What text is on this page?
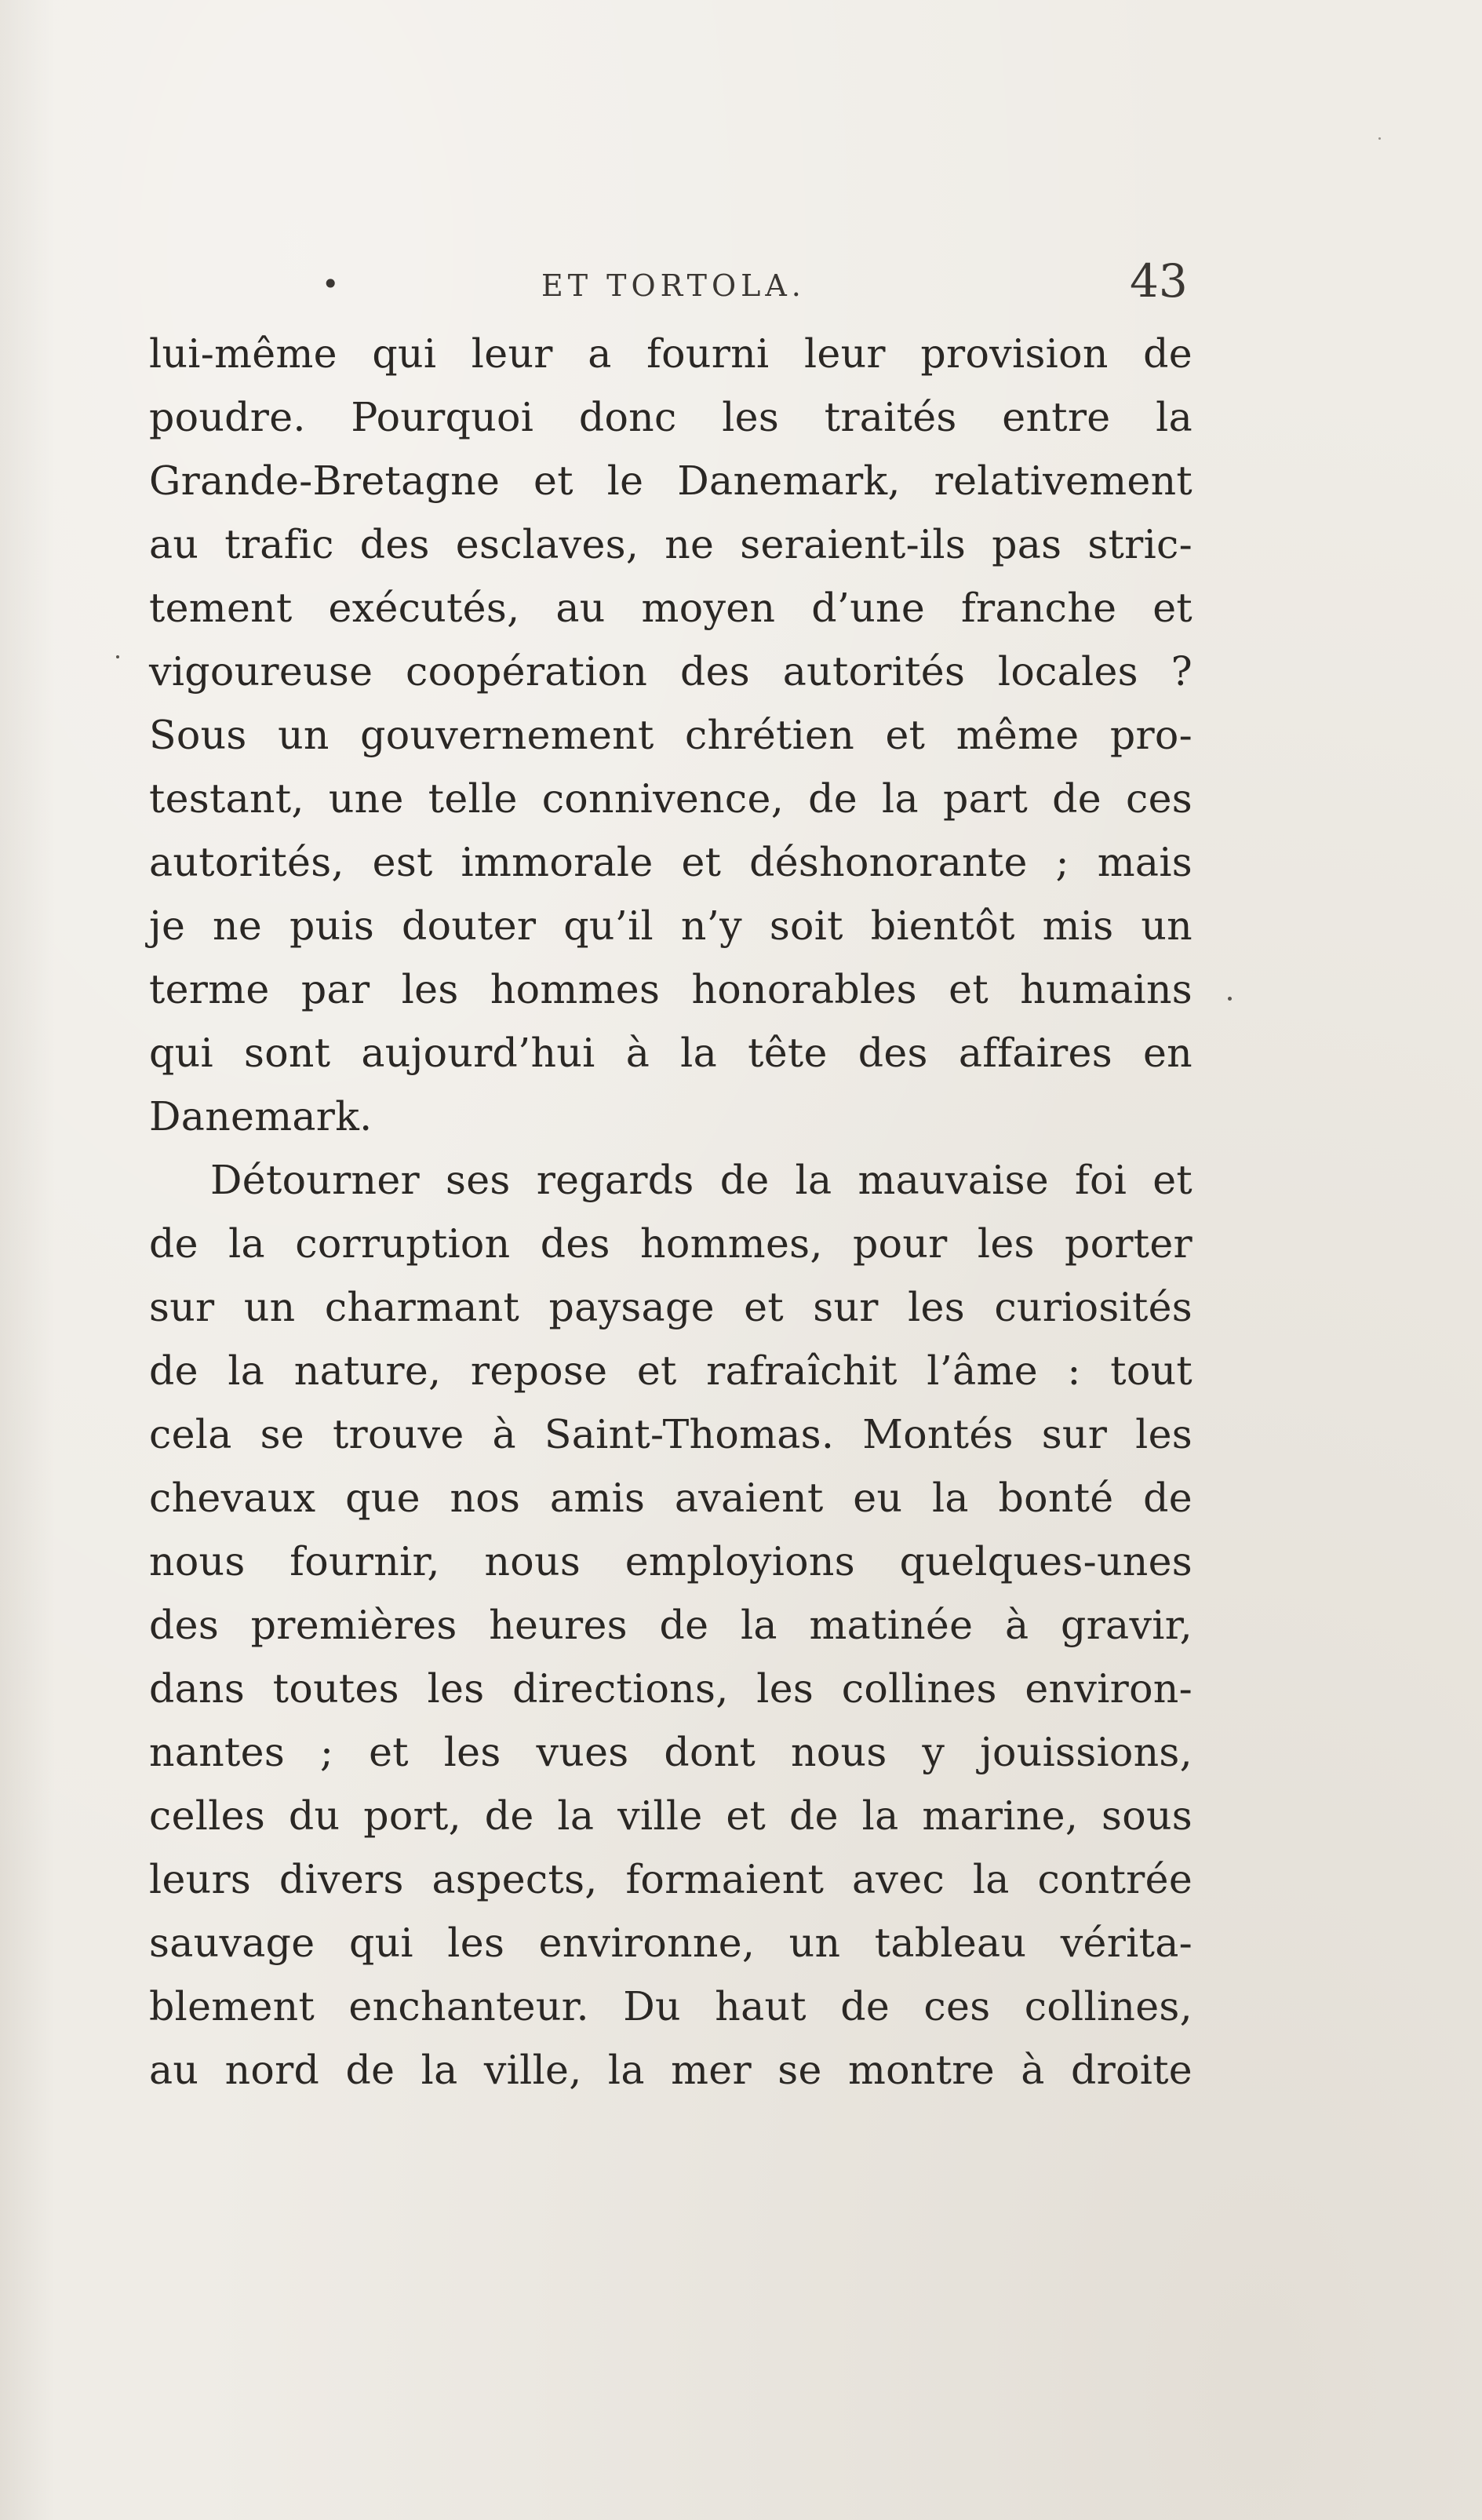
•	ET TORTOLA.	43
lui-même qui leur a fourni leur provision de
poudre. Pourquoi donc les traités entre la
Grande-Bretagne et le Danemark, relativement
au trafic des esclaves, ne seraient-ils pas stric-
tement exécutés, au moyen d’une franche et
vigoureuse coopération des autorités locales ?
Sous un gouvernement chrétien et même pro-
testant, une telle connivence, de la part de ces
autorités, est immorale et déshonorante ; mais
je ne puis douter qu’il n’y soit bientôt mis un
terme par les hommes honorables et humains
qui sont aujourd’hui à la tête des affaires en
Danemark.
Détourner ses regards de la mauvaise foi et
de la corruption des hommes, pour les porter
sur un charmant paysage et sur les curiosités
de la nature, repose et rafraîchit l’âme : tout
cela se trouve à Saint-Thomas. Montés sur les
chevaux que nos amis avaient eu la bonté de
nous fournir, nous employions quelques-unes
des premières heures de la matinée à gravir,
dans toutes les directions, les collines environ-
nantes ; et les vues dont nous y jouissions,
celles du port, de la ville et de la marine, sous
leurs divers aspects, formaient avec la contrée
sauvage qui les environne, un tableau vérita-
blement enchanteur. Du haut de ces collines,
au nord de la ville, la mer se montre à droite
